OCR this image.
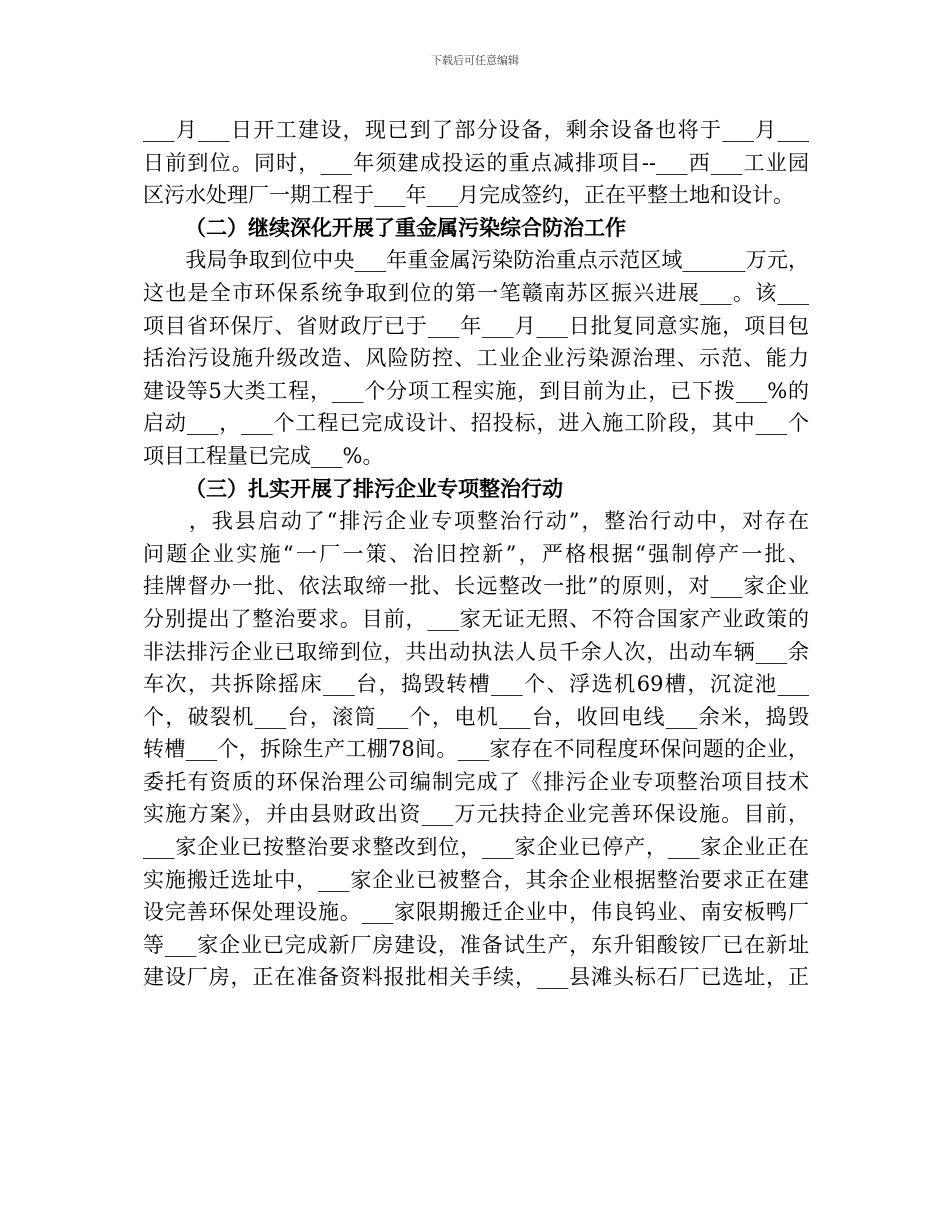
下载后可任意编辑
___月___日开工建设，现已到了部分设备，剩余设备也将于___月___
日前到位。同时，___年须建成投运的重点减排项目--___西___工业园
区污水处理厂一期工程于___年___月完成签约，正在平整土地和设计。
（二）继续深化开展了重金属污染综合防治工作
　　我局争取到位中央___年重金属污染防治重点示范区域______万元，
这也是全市环保系统争取到位的第一笔赣南苏区振兴进展___。该___
项目省环保厅、省财政厅已于___年___月___日批复同意实施，项目包
括治污设施升级改造、风险防控、工业企业污染源治理、示范、能力
建设等5大类工程，___个分项工程实施，到目前为止，已下拨___%的
启动___，___个工程已完成设计、招投标，进入施工阶段，其中___个
项目工程量已完成___%。
（三）扎实开展了排污企业专项整治行动
　　，我县启动了“排污企业专项整治行动”，整治行动中，对存在
问题企业实施“一厂一策、治旧控新”，严格根据“强制停产一批、
挂牌督办一批、依法取缔一批、长远整改一批”的原则，对___家企业
分别提出了整治要求。目前，___家无证无照、不符合国家产业政策的
非法排污企业已取缔到位，共出动执法人员千余人次，出动车辆___余
车次，共拆除摇床___台，捣毁转槽___个、浮选机69槽，沉淀池___
个，破裂机___台，滚筒___个，电机___台，收回电线___余米，捣毁
转槽___个，拆除生产工棚78间。___家存在不同程度环保问题的企业，
委托有资质的环保治理公司编制完成了《排污企业专项整治项目技术
实施方案》，并由县财政出资___万元扶持企业完善环保设施。目前，
___家企业已按整治要求整改到位，___家企业已停产，___家企业正在
实施搬迁选址中，___家企业已被整合，其余企业根据整治要求正在建
设完善环保处理设施。___家限期搬迁企业中，伟良钨业、南安板鸭厂
等___家企业已完成新厂房建设，准备试生产，东升钼酸铵厂已在新址
建设厂房，正在准备资料报批相关手续，___县滩头标石厂已选址，正
